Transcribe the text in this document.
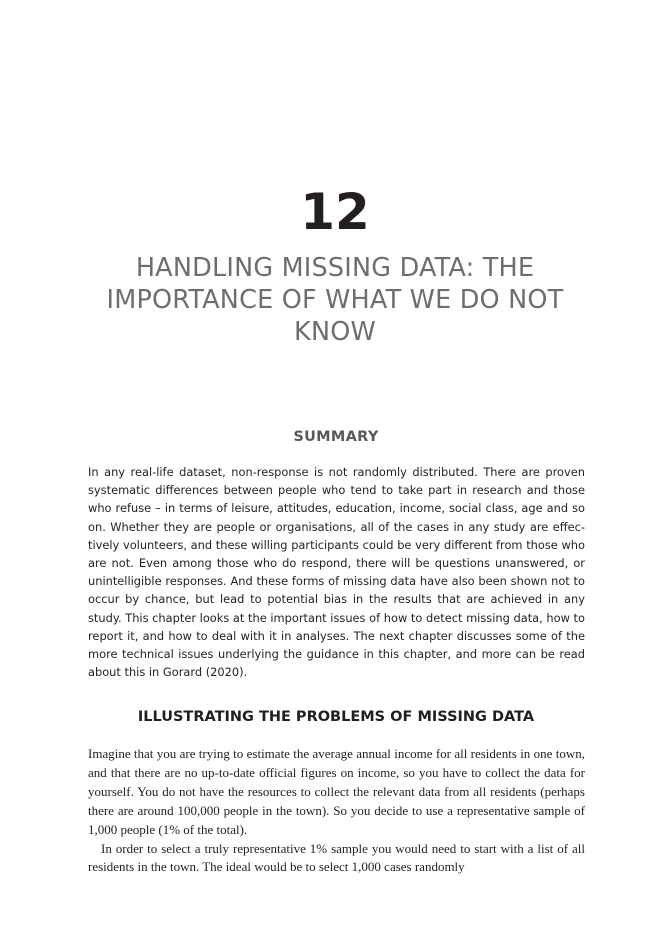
12
HANDLING MISSING DATA: THE IMPORTANCE OF WHAT WE DO NOT KNOW
SUMMARY
In any real-life dataset, non-response is not randomly distributed. There are proven systematic differences between people who tend to take part in research and those who refuse – in terms of leisure, attitudes, education, income, social class, age and so on. Whether they are people or organisations, all of the cases in any study are effectively volunteers, and these willing participants could be very different from those who are not. Even among those who do respond, there will be questions unanswered, or unintelligible responses. And these forms of missing data have also been shown not to occur by chance, but lead to potential bias in the results that are achieved in any study. This chapter looks at the important issues of how to detect missing data, how to report it, and how to deal with it in analyses. The next chapter discusses some of the more technical issues underlying the guidance in this chapter, and more can be read about this in Gorard (2020).
ILLUSTRATING THE PROBLEMS OF MISSING DATA

Imagine that you are trying to estimate the average annual income for all residents in one town, and that there are no up-to-date official figures on income, so you have to collect the data for yourself. You do not have the resources to collect the relevant data from all residents (perhaps there are around 100,000 people in the town). So you decide to use a representative sample of 1,000 people (1% of the total).

In order to select a truly representative 1% sample you would need to start with a list of all residents in the town. The ideal would be to select 1,000 cases randomly
